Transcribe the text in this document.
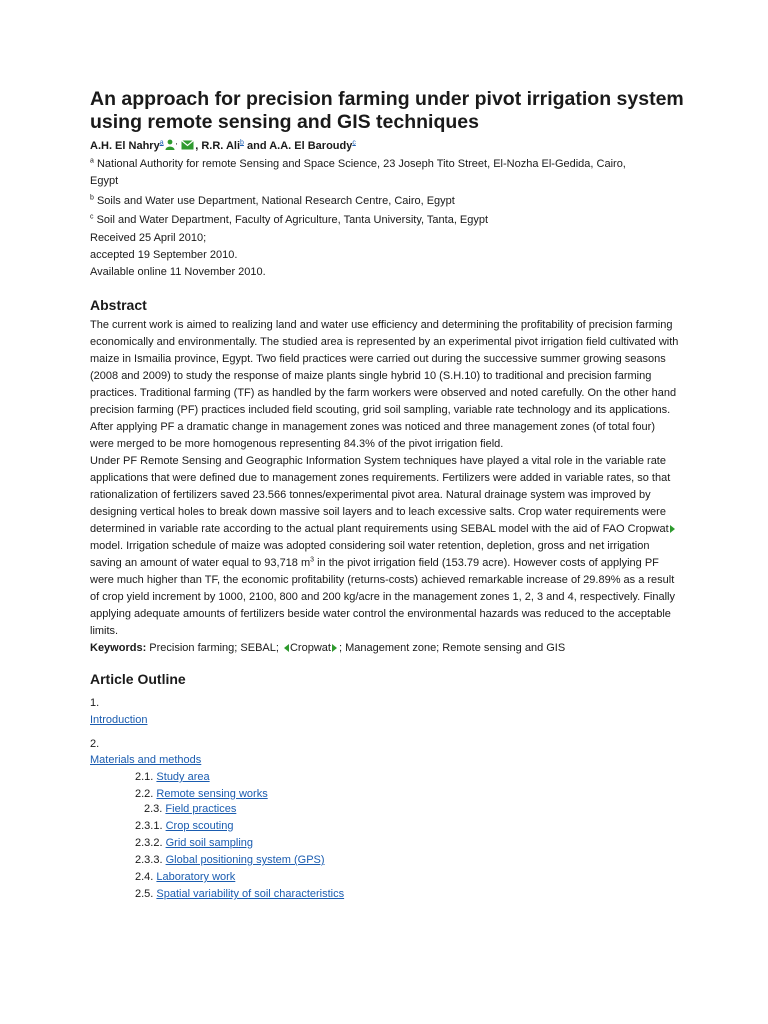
An approach for precision farming under pivot irrigation system using remote sensing and GIS techniques
A.H. El Nahry$^a$ ' , R.R. Ali$^b$ and A.A. El Baroudy$^c$
$^a$ National Authority for remote Sensing and Space Science, 23 Joseph Tito Street, El-Nozha El-Gedida, Cairo,
Egypt
$^b$ Soils and Water use Department, National Research Centre, Cairo, Egypt
$^c$ Soil and Water Department, Faculty of Agriculture, Tanta University, Tanta, Egypt
Received 25 April 2010;
accepted 19 September 2010.
Available online 11 November 2010.
Abstract

The current work is aimed to realizing land and water use efficiency and determining the profitability of precision farming economically and environmentally. The studied area is represented by an experimental pivot irrigation field cultivated with maize in Ismailia province, Egypt. Two field practices were carried out during the successive summer growing seasons (2008 and 2009) to study the response of maize plants single hybrid 10 (S.H.10) to traditional and precision farming practices. Traditional farming (TF) as handled by the farm workers were observed and noted carefully. On the other hand precision farming (PF) practices included field scouting, grid soil sampling, variable rate technology and its applications. After applying PF a dramatic change in management zones was noticed and three management zones (of total four) were merged to be more homogenous representing 84.3% of the pivot irrigation field.

Under PF Remote Sensing and Geographic Information System techniques have played a vital role in the variable rate applications that were defined due to management zones requirements. Fertilizers were added in variable rates, so that rationalization of fertilizers saved 23.566 tonnes/experimental pivot area. Natural drainage system was improved by designing vertical holes to break down massive soil layers and to leach excessive salts. Crop water requirements were determined in variable rate according to the actual plant requirements using SEBAL model with the aid of FAO Cropwat model. Irrigation schedule of maize was adopted considering soil water retention, depletion, gross and net irrigation saving an amount of water equal to 93,718 $m^3$ in the pivot irrigation field (153.79 acre). However costs of applying PF were much higher than TF, the economic profitability (returns-costs) achieved remarkable increase of 29.89% as a result of crop yield increment by 1000, 2100, 800 and 200 kg/acre in the management zones 1, 2, 3 and 4, respectively. Finally applying adequate amounts of fertilizers beside water control the environmental hazards was reduced to the acceptable limits.

Keywords: Precision farming; SEBAL; Cropwat ; Management zone; Remote sensing and GIS

Article Outline
1.
Introduction
2.
Materials and methods
2.1. Study area
2.2. Remote sensing works
2.3. Field practices
2.3.1. Crop scouting
2.3.2. Grid soil sampling
2.3.3. Global positioning system (GPS)
2.4. Laboratory work
2.5. Spatial variability of soil characteristics
